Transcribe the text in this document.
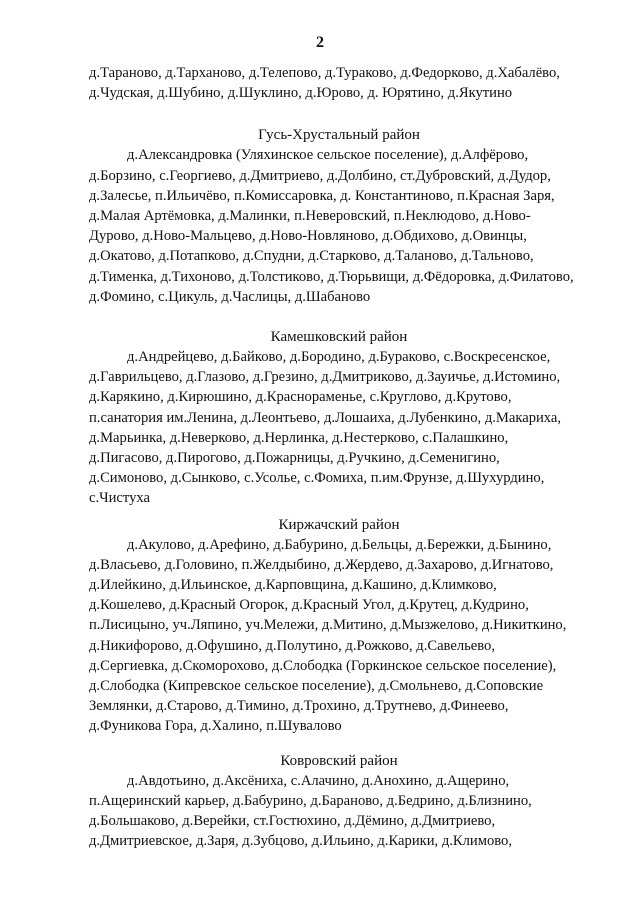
2

д.Тараново, д.Тарханово, д.Телепово, д.Тураково, д.Федорково, д.Хабалёво,

д.Чудская, д.Шубино, д.Шуклино, д.Юрово, д. Юрятино, д.Якутино

Гусь-Хрустальный район

д.Александровка (Уляхинское сельское поселение), д.Алфёрово,

д.Борзино, с.Георгиево, д.Дмитриево, д.Долбино, ст.Дубровский, д.Дудор,

д.Залесье, п.Ильичёво, п.Комиссаровка, д. Константиново, п.Красная Заря,

д.Малая Артёмовка, д.Малинки, п.Неверовский, п.Неклюдово, д.Ново-

Дурово, д.Ново-Мальцево, д.Ново-Новляново, д.Обдихово, д.Овинцы,

д.Окатово, д.Потапково, д.Спудни, д.Старково, д.Таланово, д.Тальново,

д.Тименка, д.Тихоново, д.Толстиково, д.Тюрьвищи, д.Фёдоровка, д.Филатово,

д.Фомино, с.Цикуль, д.Часлицы, д.Шабаново

Камешковский район

д.Андрейцево, д.Байково, д.Бородино, д.Бураково, с.Воскресенское,

д.Гаврильцево, д.Глазово, д.Грезино, д.Дмитриково, д.Зауичье, д.Истомино,

д.Карякино, д.Кирюшино, д.Краснораменье, с.Круглово, д.Крутово,

п.санатория им.Ленина, д.Леонтьево, д.Лошаиха, д.Лубенкино, д.Макариха,

д.Марьинка, д.Неверково, д.Нерлинка, д.Нестерково, с.Палашкино,

д.Пигасово, д.Пирогово, д.Пожарницы, д.Ручкино, д.Семенигино,

д.Симоново, д.Сынково, с.Усолье, с.Фомиха, п.им.Фрунзе, д.Шухурдино,

с.Чистуха

Киржачский район

д.Акулово, д.Арефино, д.Бабурино, д.Бельцы, д.Бережки, д.Бынино,

д.Власьево, д.Головино, п.Желдыбино, д.Жердево, д.Захарово, д.Игнатово,

д.Илейкино, д.Ильинское, д.Карповщина, д.Кашино, д.Климково,

д.Кошелево, д.Красный Огорок, д.Красный Угол, д.Крутец, д.Кудрино,

п.Лисицыно, уч.Ляпино, уч.Мележи, д.Митино, д.Мызжелово, д.Никиткино,

д.Никифорово, д.Офушино, д.Полутино, д.Рожково, д.Савельево,

д.Сергиевка, д.Скоморохово, д.Слободка (Горкинское сельское поселение),

д.Слободка (Кипревское сельское поселение), д.Смольнево, д.Соповские

Землянки, д.Старово, д.Тимино, д.Трохино, д.Трутнево, д.Финеево,

д.Фуникова Гора, д.Халино, п.Шувалово

Ковровский район

д.Авдотьино, д.Аксёниха, с.Алачино, д.Анохино, д.Ащерино,

п.Ащеринский карьер, д.Бабурино, д.Бараново, д.Бедрино, д.Близнино,

д.Большаково, д.Верейки, ст.Гостюхино, д.Дёмино, д.Дмитриево,

д.Дмитриевское, д.Заря, д.Зубцово, д.Ильино, д.Карики, д.Климово,
